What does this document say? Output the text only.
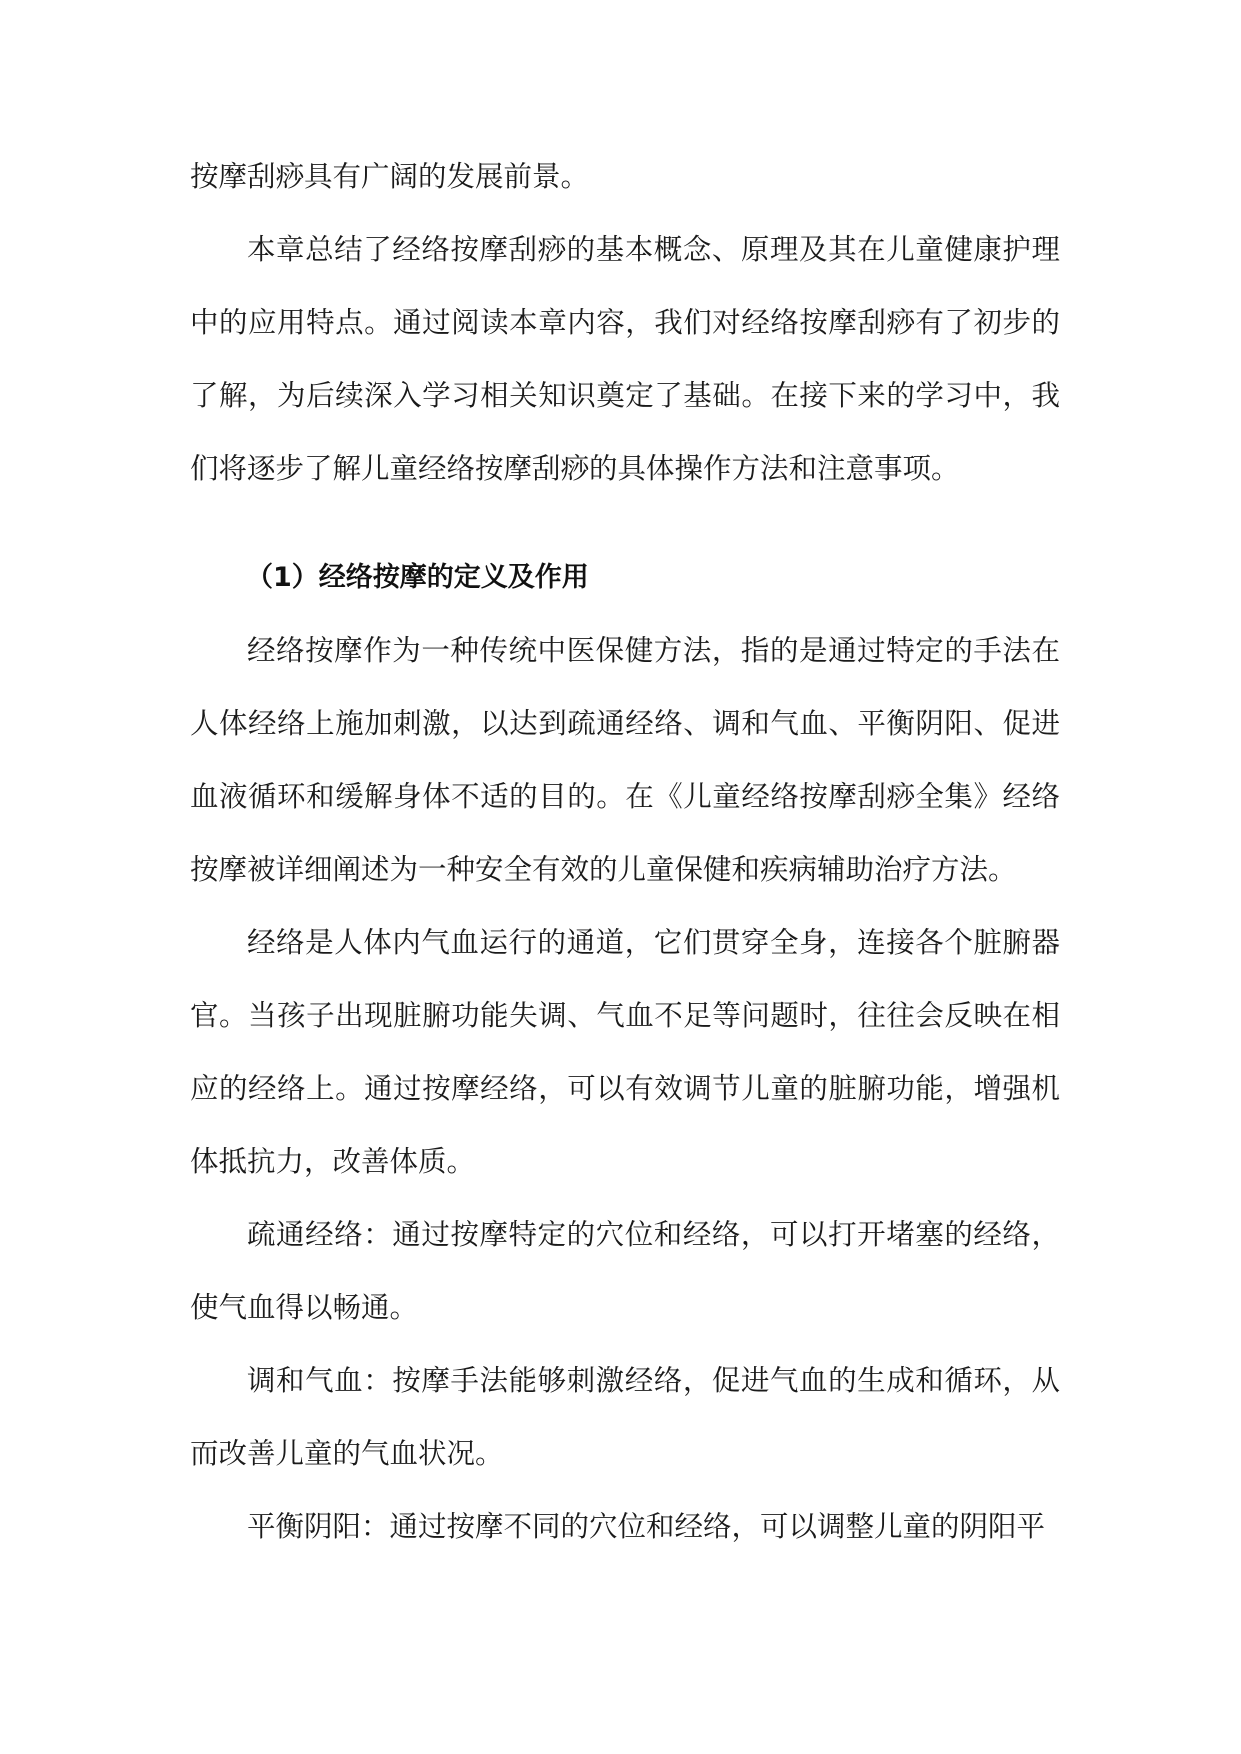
按摩刮痧具有广阔的发展前景。

本章总结了经络按摩刮痧的基本概念、原理及其在儿童健康护理中的应用特点。通过阅读本章内容，我们对经络按摩刮痧有了初步的了解，为后续深入学习相关知识奠定了基础。在接下来的学习中，我们将逐步了解儿童经络按摩刮痧的具体操作方法和注意事项。

（1）经络按摩的定义及作用

经络按摩作为一种传统中医保健方法，指的是通过特定的手法在人体经络上施加刺激，以达到疏通经络、调和气血、平衡阴阳、促进血液循环和缓解身体不适的目的。在《儿童经络按摩刮痧全集》经络按摩被详细阐述为一种安全有效的儿童保健和疾病辅助治疗方法。

经络是人体内气血运行的通道，它们贯穿全身，连接各个脏腑器官。当孩子出现脏腑功能失调、气血不足等问题时，往往会反映在相应的经络上。通过按摩经络，可以有效调节儿童的脏腑功能，增强机体抵抗力，改善体质。

疏通经络：通过按摩特定的穴位和经络，可以打开堵塞的经络，使气血得以畅通。

调和气血：按摩手法能够刺激经络，促进气血的生成和循环，从而改善儿童的气血状况。

平衡阴阳：通过按摩不同的穴位和经络，可以调整儿童的阴阳平
